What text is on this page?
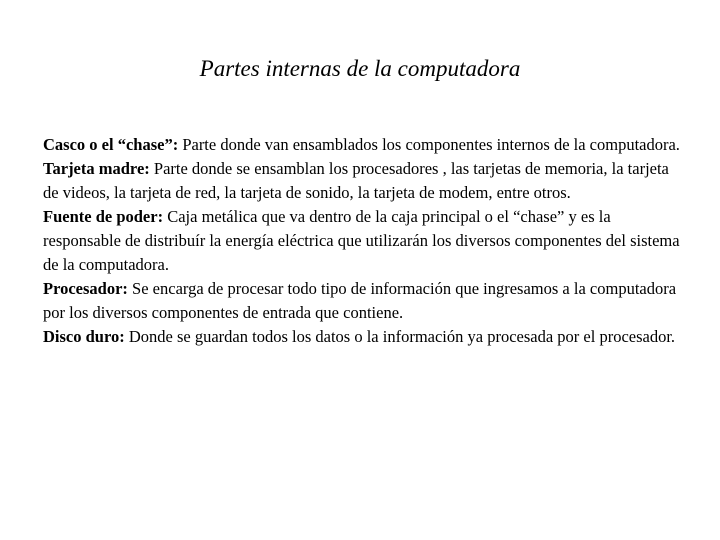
Partes internas de la computadora

Casco o el “chase”: Parte donde van ensamblados los componentes internos de la computadora.

Tarjeta madre: Parte donde se ensamblan los procesadores , las tarjetas de memoria, la tarjeta de videos, la tarjeta de red, la tarjeta de sonido, la tarjeta de modem, entre otros.

Fuente de poder: Caja metálica que va dentro de la caja principal o el “chase” y es la responsable de distribuír la energía eléctrica que utilizarán los diversos componentes del sistema de la computadora.

Procesador: Se encarga de procesar todo tipo de información que ingresamos a la computadora por los diversos componentes de entrada que contiene.

Disco duro: Donde se guardan todos los datos o la información ya procesada por el procesador.
